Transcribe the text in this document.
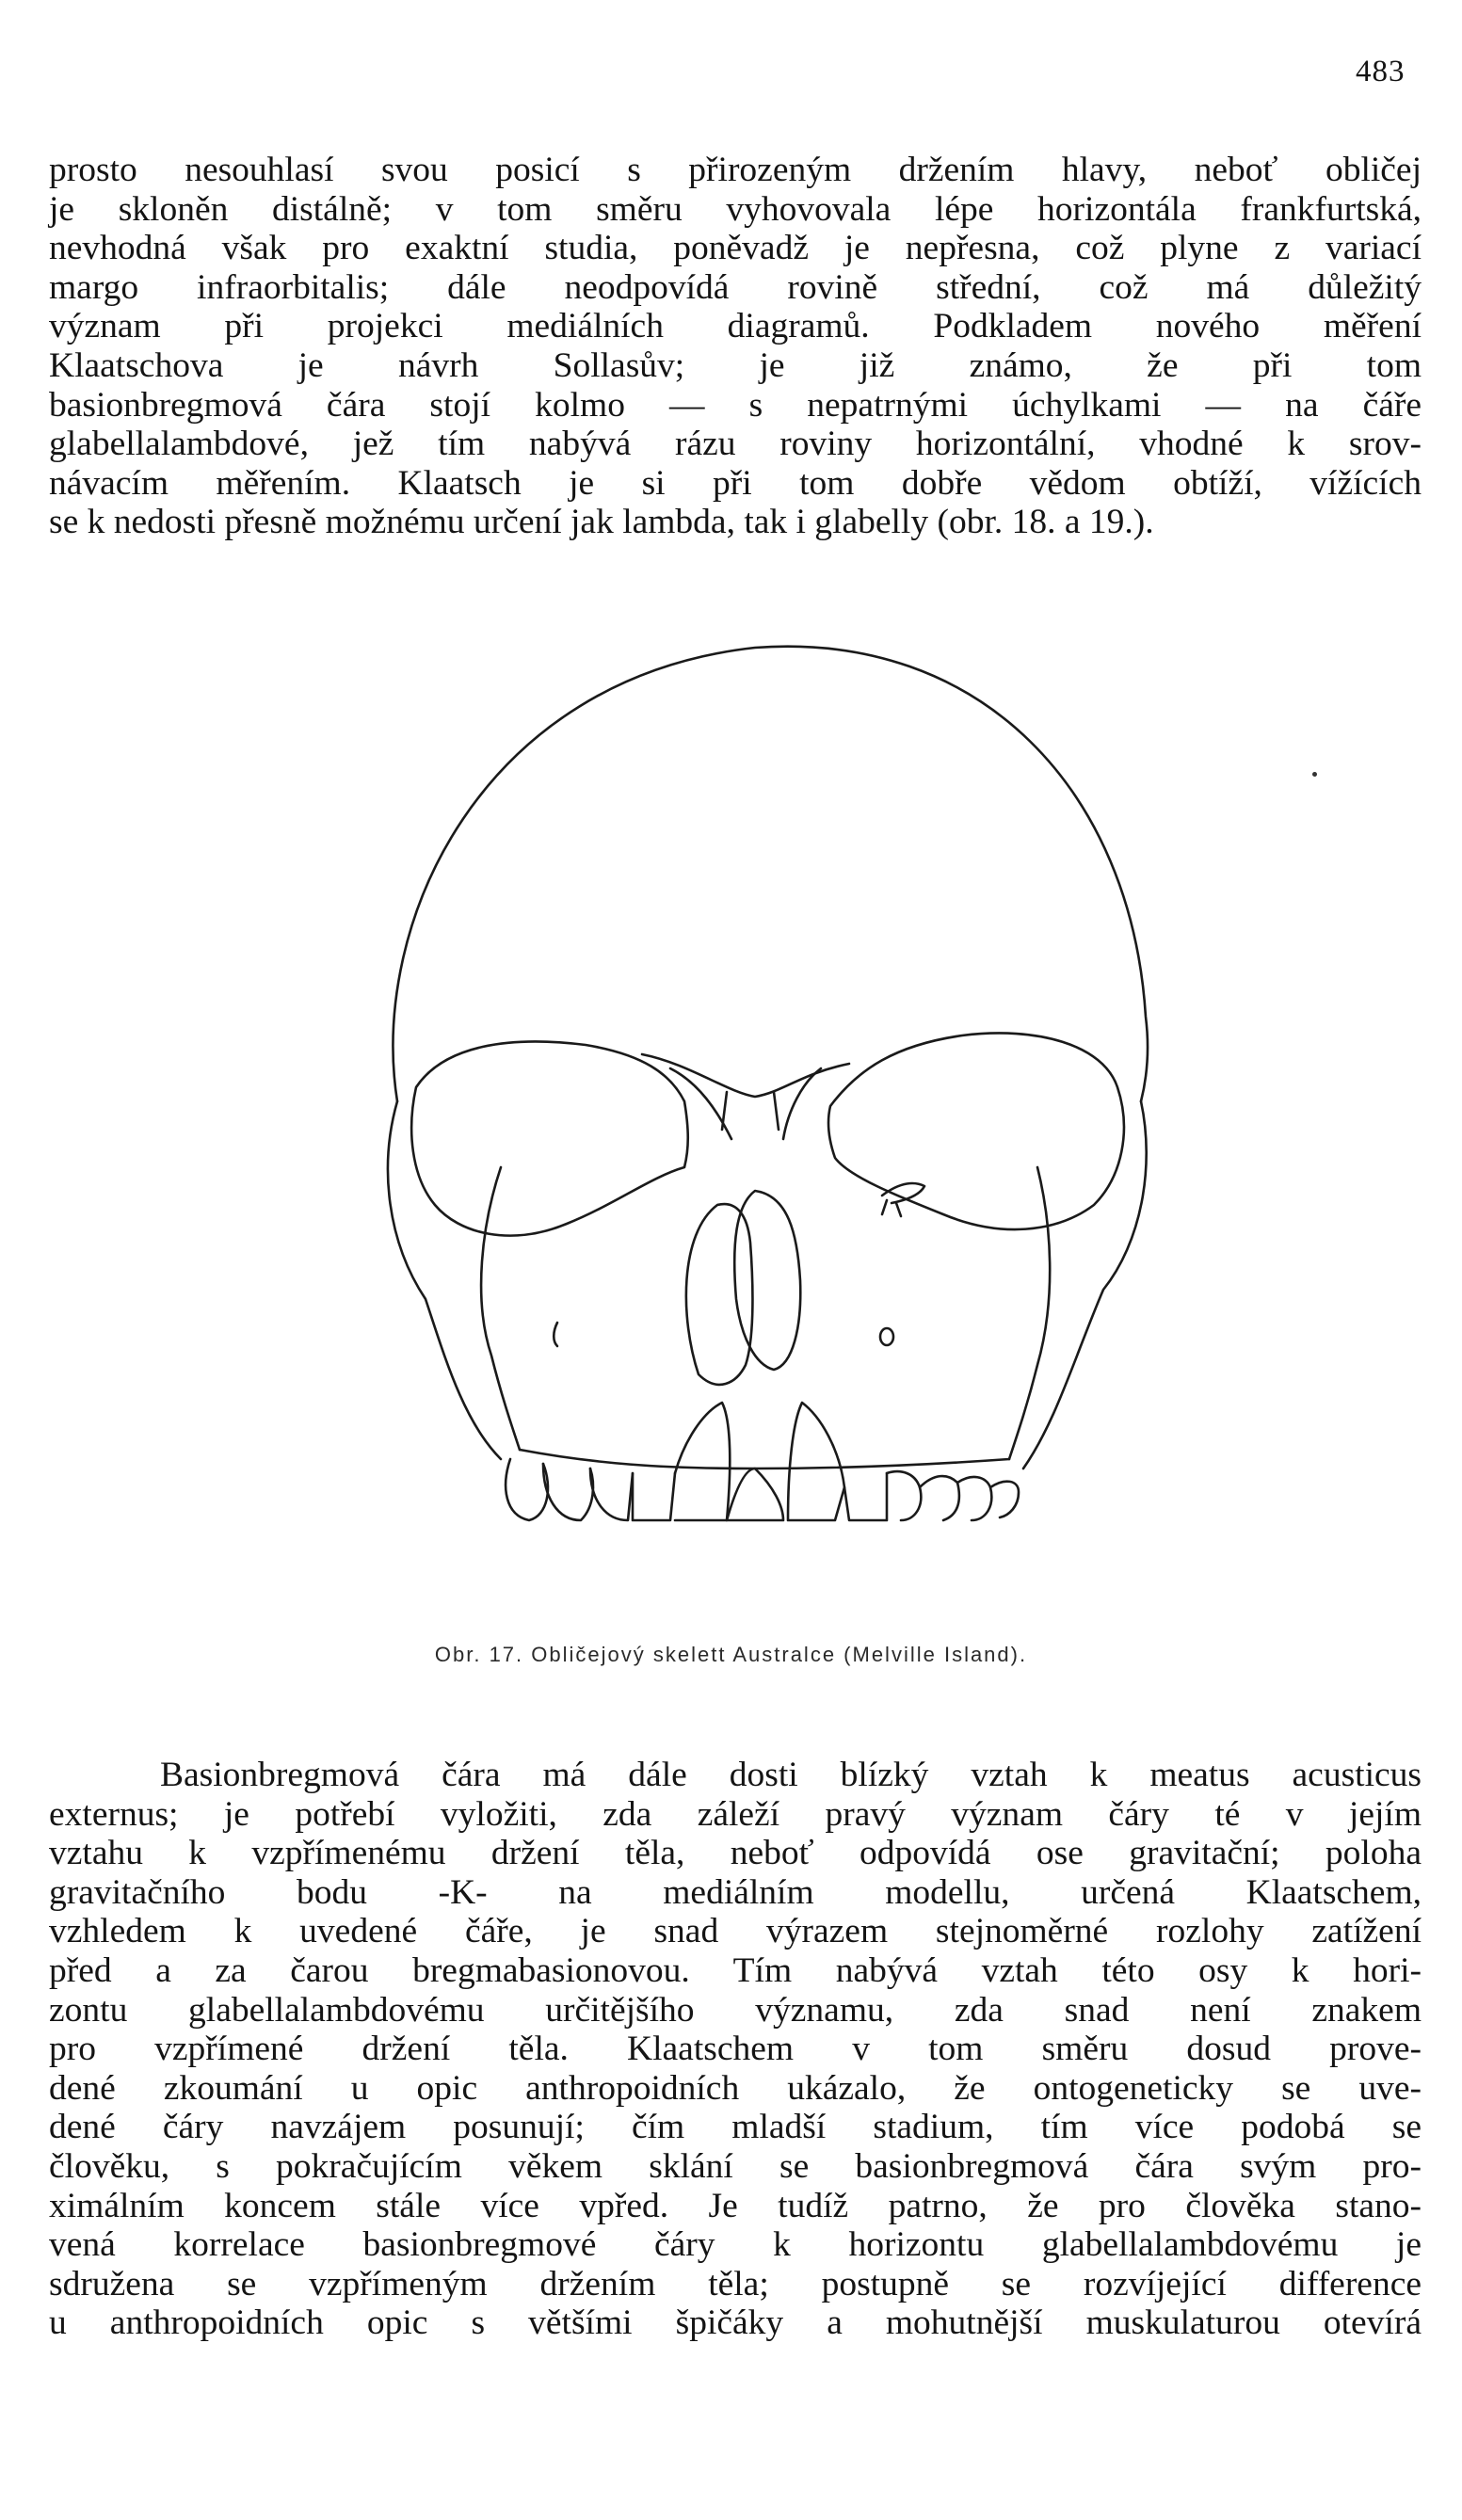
483
prosto nesouhlasí svou posicí s přirozeným držením hlavy, neboť obličej
je skloněn distálně; v tom směru vyhovovala lépe horizontála frankfurtská,
nevhodná však pro exaktní studia, poněvadž je nepřesna, což plyne z variací
margo infraorbitalis; dále neodpovídá rovině střední, což má důležitý
význam při projekci mediálních diagramů. Podkladem nového měření
Klaatschova je návrh Sollasův; je již známo, že při tom
basionbregmová čára stojí kolmo — s nepatrnými úchylkami — na čáře
glabellalambdové, jež tím nabývá rázu roviny horizontální, vhodné k srov-
návacím měřením. Klaatsch je si při tom dobře vědom obtíží, vížících
se k nedosti přesně možnému určení jak lambda, tak i glabelly (obr. 18. a 19.).
Obr. 17. Obličejový skelett Australce (Melville Island).
Basionbregmová čára má dále dosti blízký vztah k meatus acusticus
externus; je potřebí vyložiti, zda záleží pravý význam čáry té v jejím
vztahu k vzpřímenému držení těla, neboť odpovídá ose gravitační; poloha
gravitačního bodu -K- na mediálním modellu, určená Klaatschem,
vzhledem k uvedené čáře, je snad výrazem stejnoměrné rozlohy zatížení
před a za čarou bregmabasionovou. Tím nabývá vztah této osy k hori-
zontu glabellalambdovému určitějšího významu, zda snad není znakem
pro vzpřímené držení těla. Klaatschem v tom směru dosud prove-
dené zkoumání u opic anthropoidních ukázalo, že ontogeneticky se uve-
dené čáry navzájem posunují; čím mladší stadium, tím více podobá se
člověku, s pokračujícím věkem sklání se basionbregmová čára svým pro-
ximálním koncem stále více vpřed. Je tudíž patrno, že pro člověka stano-
vená korrelace basionbregmové čáry k horizontu glabellalambdovému je
sdružena se vzpřímeným držením těla; postupně se rozvíjející difference
u anthropoidních opic s většími špičáky a mohutnější muskulaturou otevírá
